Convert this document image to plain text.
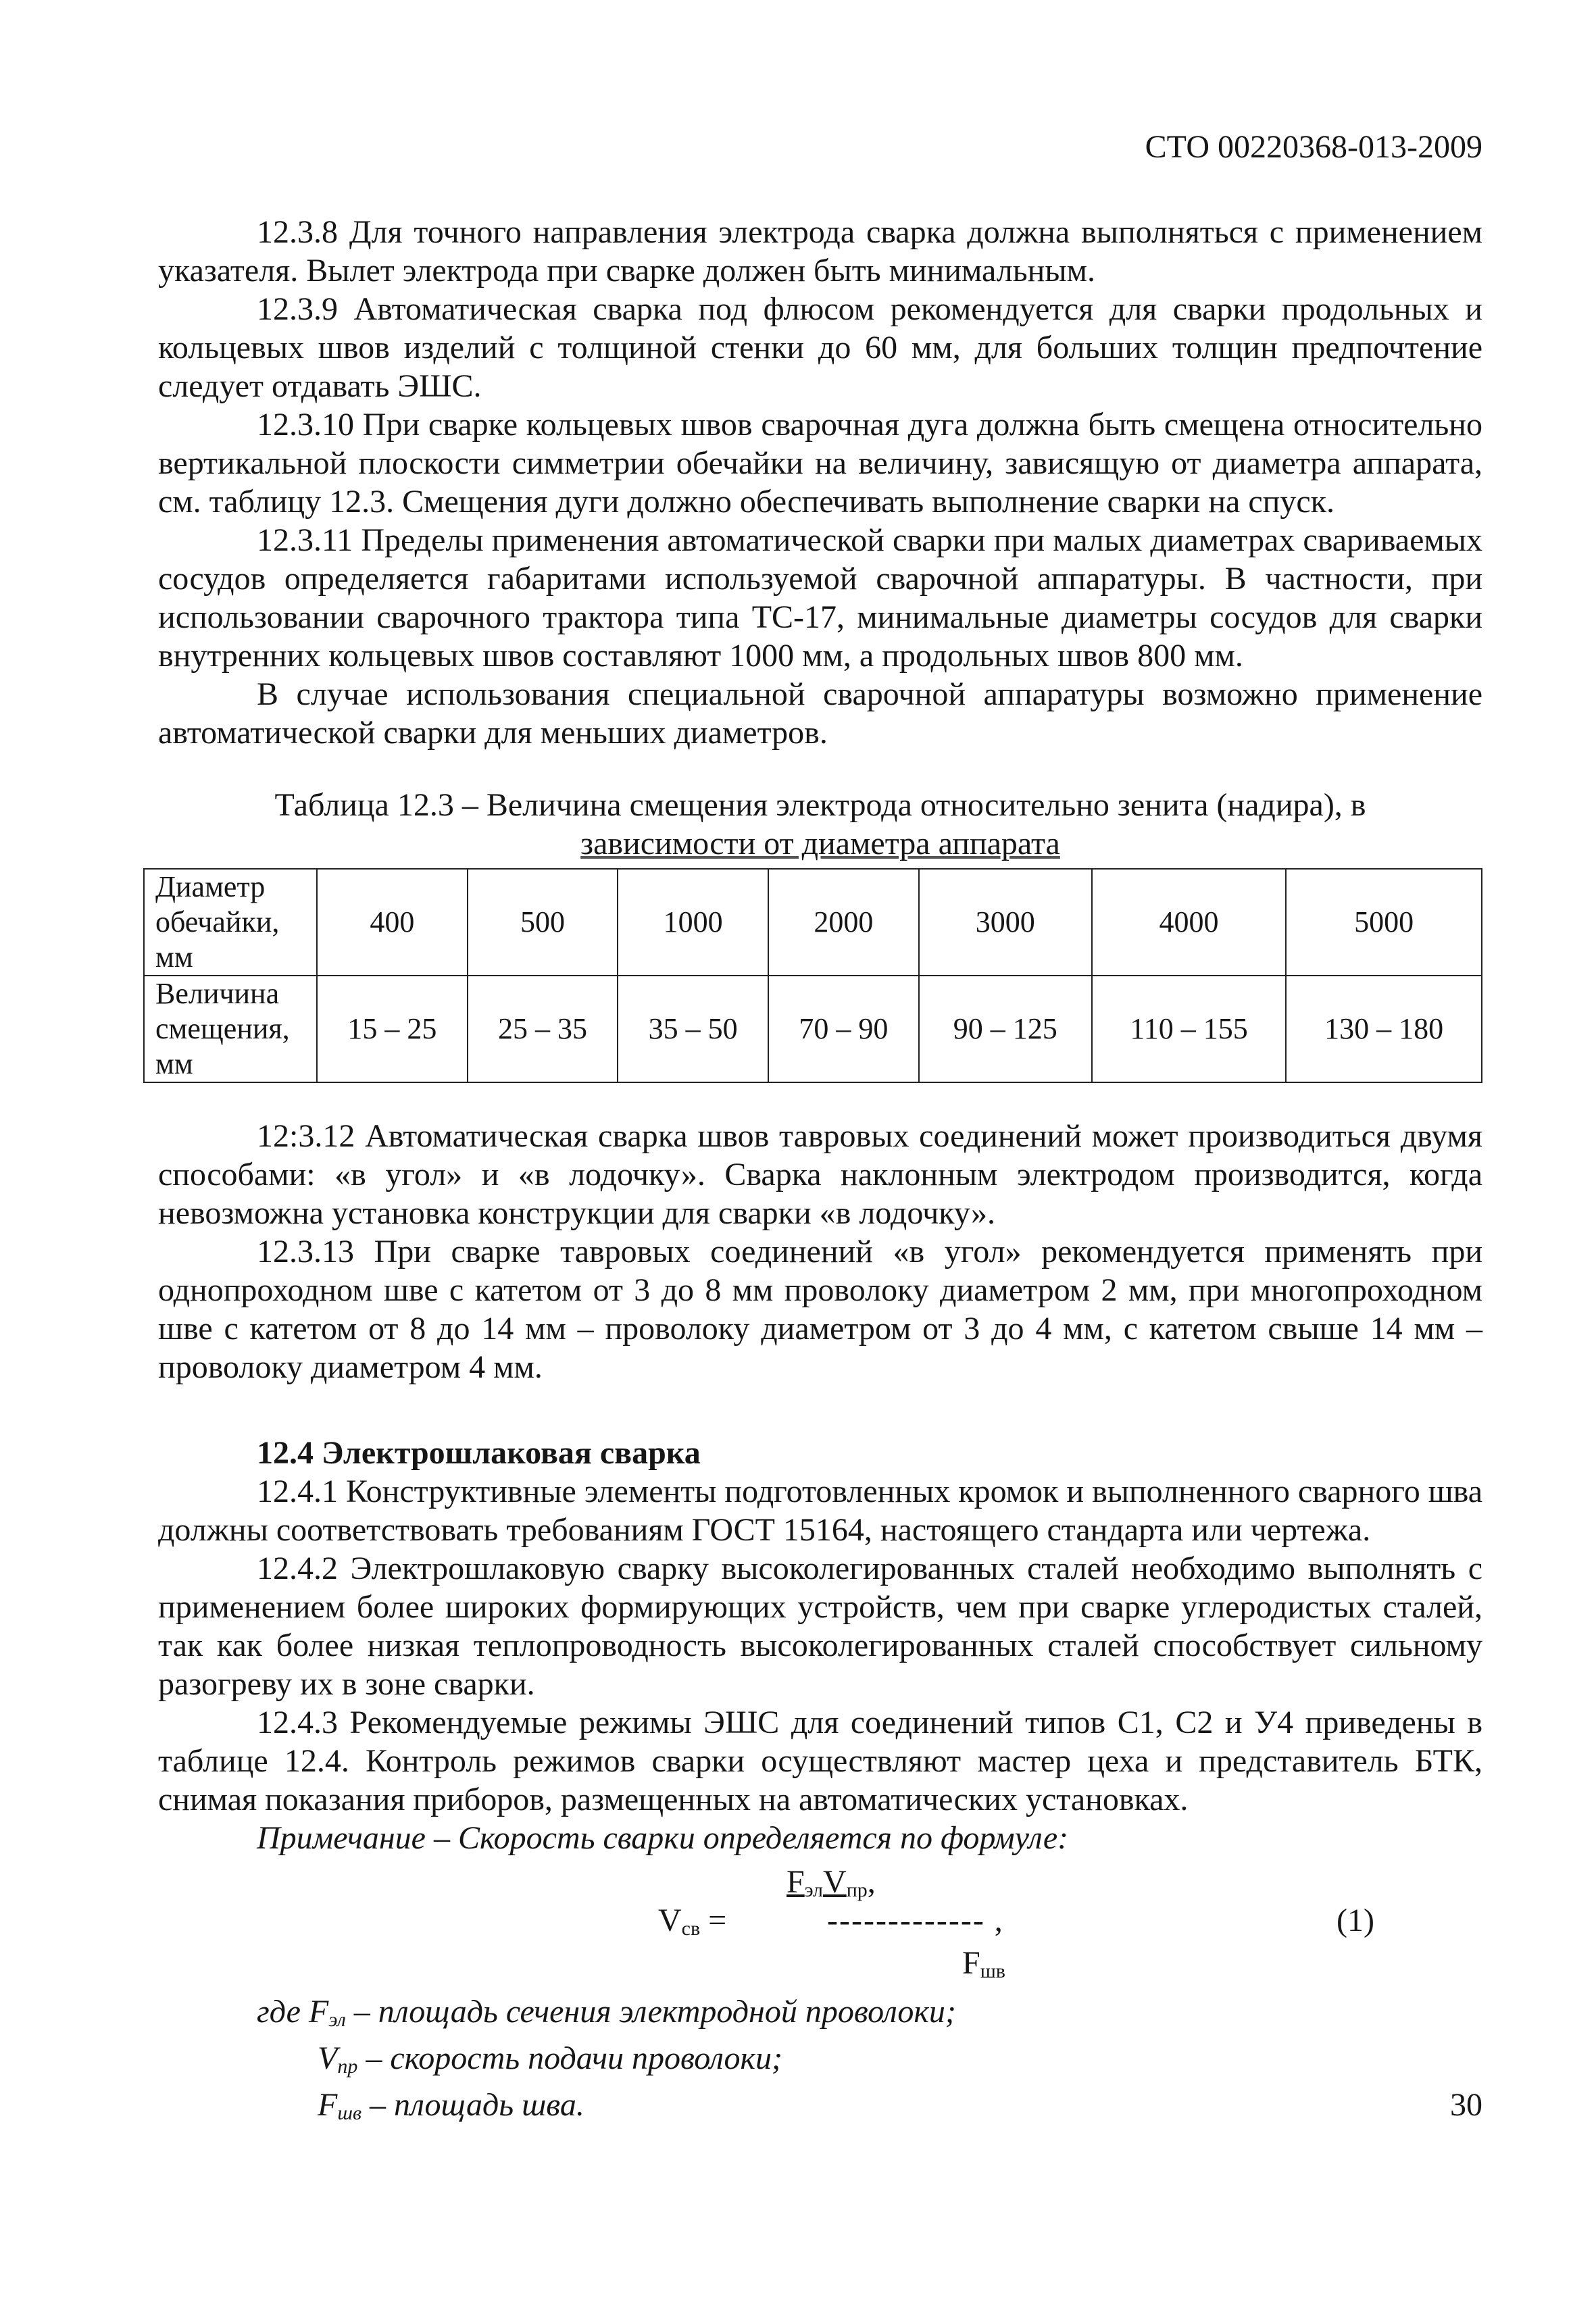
СТО 00220368-013-2009

12.3.8 Для точного направления электрода сварка должна выполняться с применением указателя. Вылет электрода при сварке должен быть минимальным.

12.3.9 Автоматическая сварка под флюсом рекомендуется для сварки продольных и кольцевых швов изделий с толщиной стенки до 60 мм, для больших толщин предпочтение следует отдавать ЭШС.

12.3.10 При сварке кольцевых швов сварочная дуга должна быть смещена относительно вертикальной плоскости симметрии обечайки на величину, зависящую от диаметра аппарата, см. таблицу 12.3. Смещения дуги должно обеспечивать выполнение сварки на спуск.

12.3.11 Пределы применения автоматической сварки при малых диаметрах свариваемых сосудов определяется габаритами используемой сварочной аппаратуры. В частности, при использовании сварочного трактора типа ТС-17, минимальные диаметры сосудов для сварки внутренних кольцевых швов составляют 1000 мм, а продольных швов 800 мм.

В случае использования специальной сварочной аппаратуры возможно применение автоматической сварки для меньших диаметров.

Таблица 12.3 – Величина смещения электрода относительно зенита (надира), в
зависимости от диаметра аппарата
Диаметр обечайки, мм	400	500	1000	2000	3000	4000	5000
Величина смещения, мм	15 – 25	25 – 35	35 – 50	70 – 90	90 – 125	110 – 155	130 – 180

12:3.12 Автоматическая сварка швов тавровых соединений может производиться двумя способами: «в угол» и «в лодочку». Сварка наклонным электродом производится, когда невозможна установка конструкции для сварки «в лодочку».

12.3.13 При сварке тавровых соединений «в угол» рекомендуется применять при однопроходном шве с катетом от 3 до 8 мм проволоку диаметром 2 мм, при многопроходном шве с катетом от 8 до 14 мм – проволоку диаметром от 3 до 4 мм, с катетом свыше 14 мм – проволоку диаметром 4 мм.

12.4 Электрошлаковая сварка

12.4.1 Конструктивные элементы подготовленных кромок и выполненного сварного шва должны соответствовать требованиям ГОСТ 15164, настоящего стандарта или чертежа.

12.4.2 Электрошлаковую сварку высоколегированных сталей необходимо выполнять с применением более широких формирующих устройств, чем при сварке углеродистых сталей, так как более низкая теплопроводность высоколегированных сталей способствует сильному разогреву их в зоне сварки.

12.4.3 Рекомендуемые режимы ЭШС для соединений типов С1, С2 и У4 приведены в таблице 12.4. Контроль режимов сварки осуществляют мастер цеха и представитель БТК, снимая показания приборов, размещенных на автоматических установках.

Примечание – Скорость сварки определяется по формуле:

$F_{эл}V_{пр}$,
$V_{св}$ =	------------- ,
$F_{шв}$
(1)
где $F_{эл}$ – площадь сечения электродной проволоки;
$V_{пр}$ – скорость подачи проволоки;
$F_{шв}$ – площадь шва.	30
